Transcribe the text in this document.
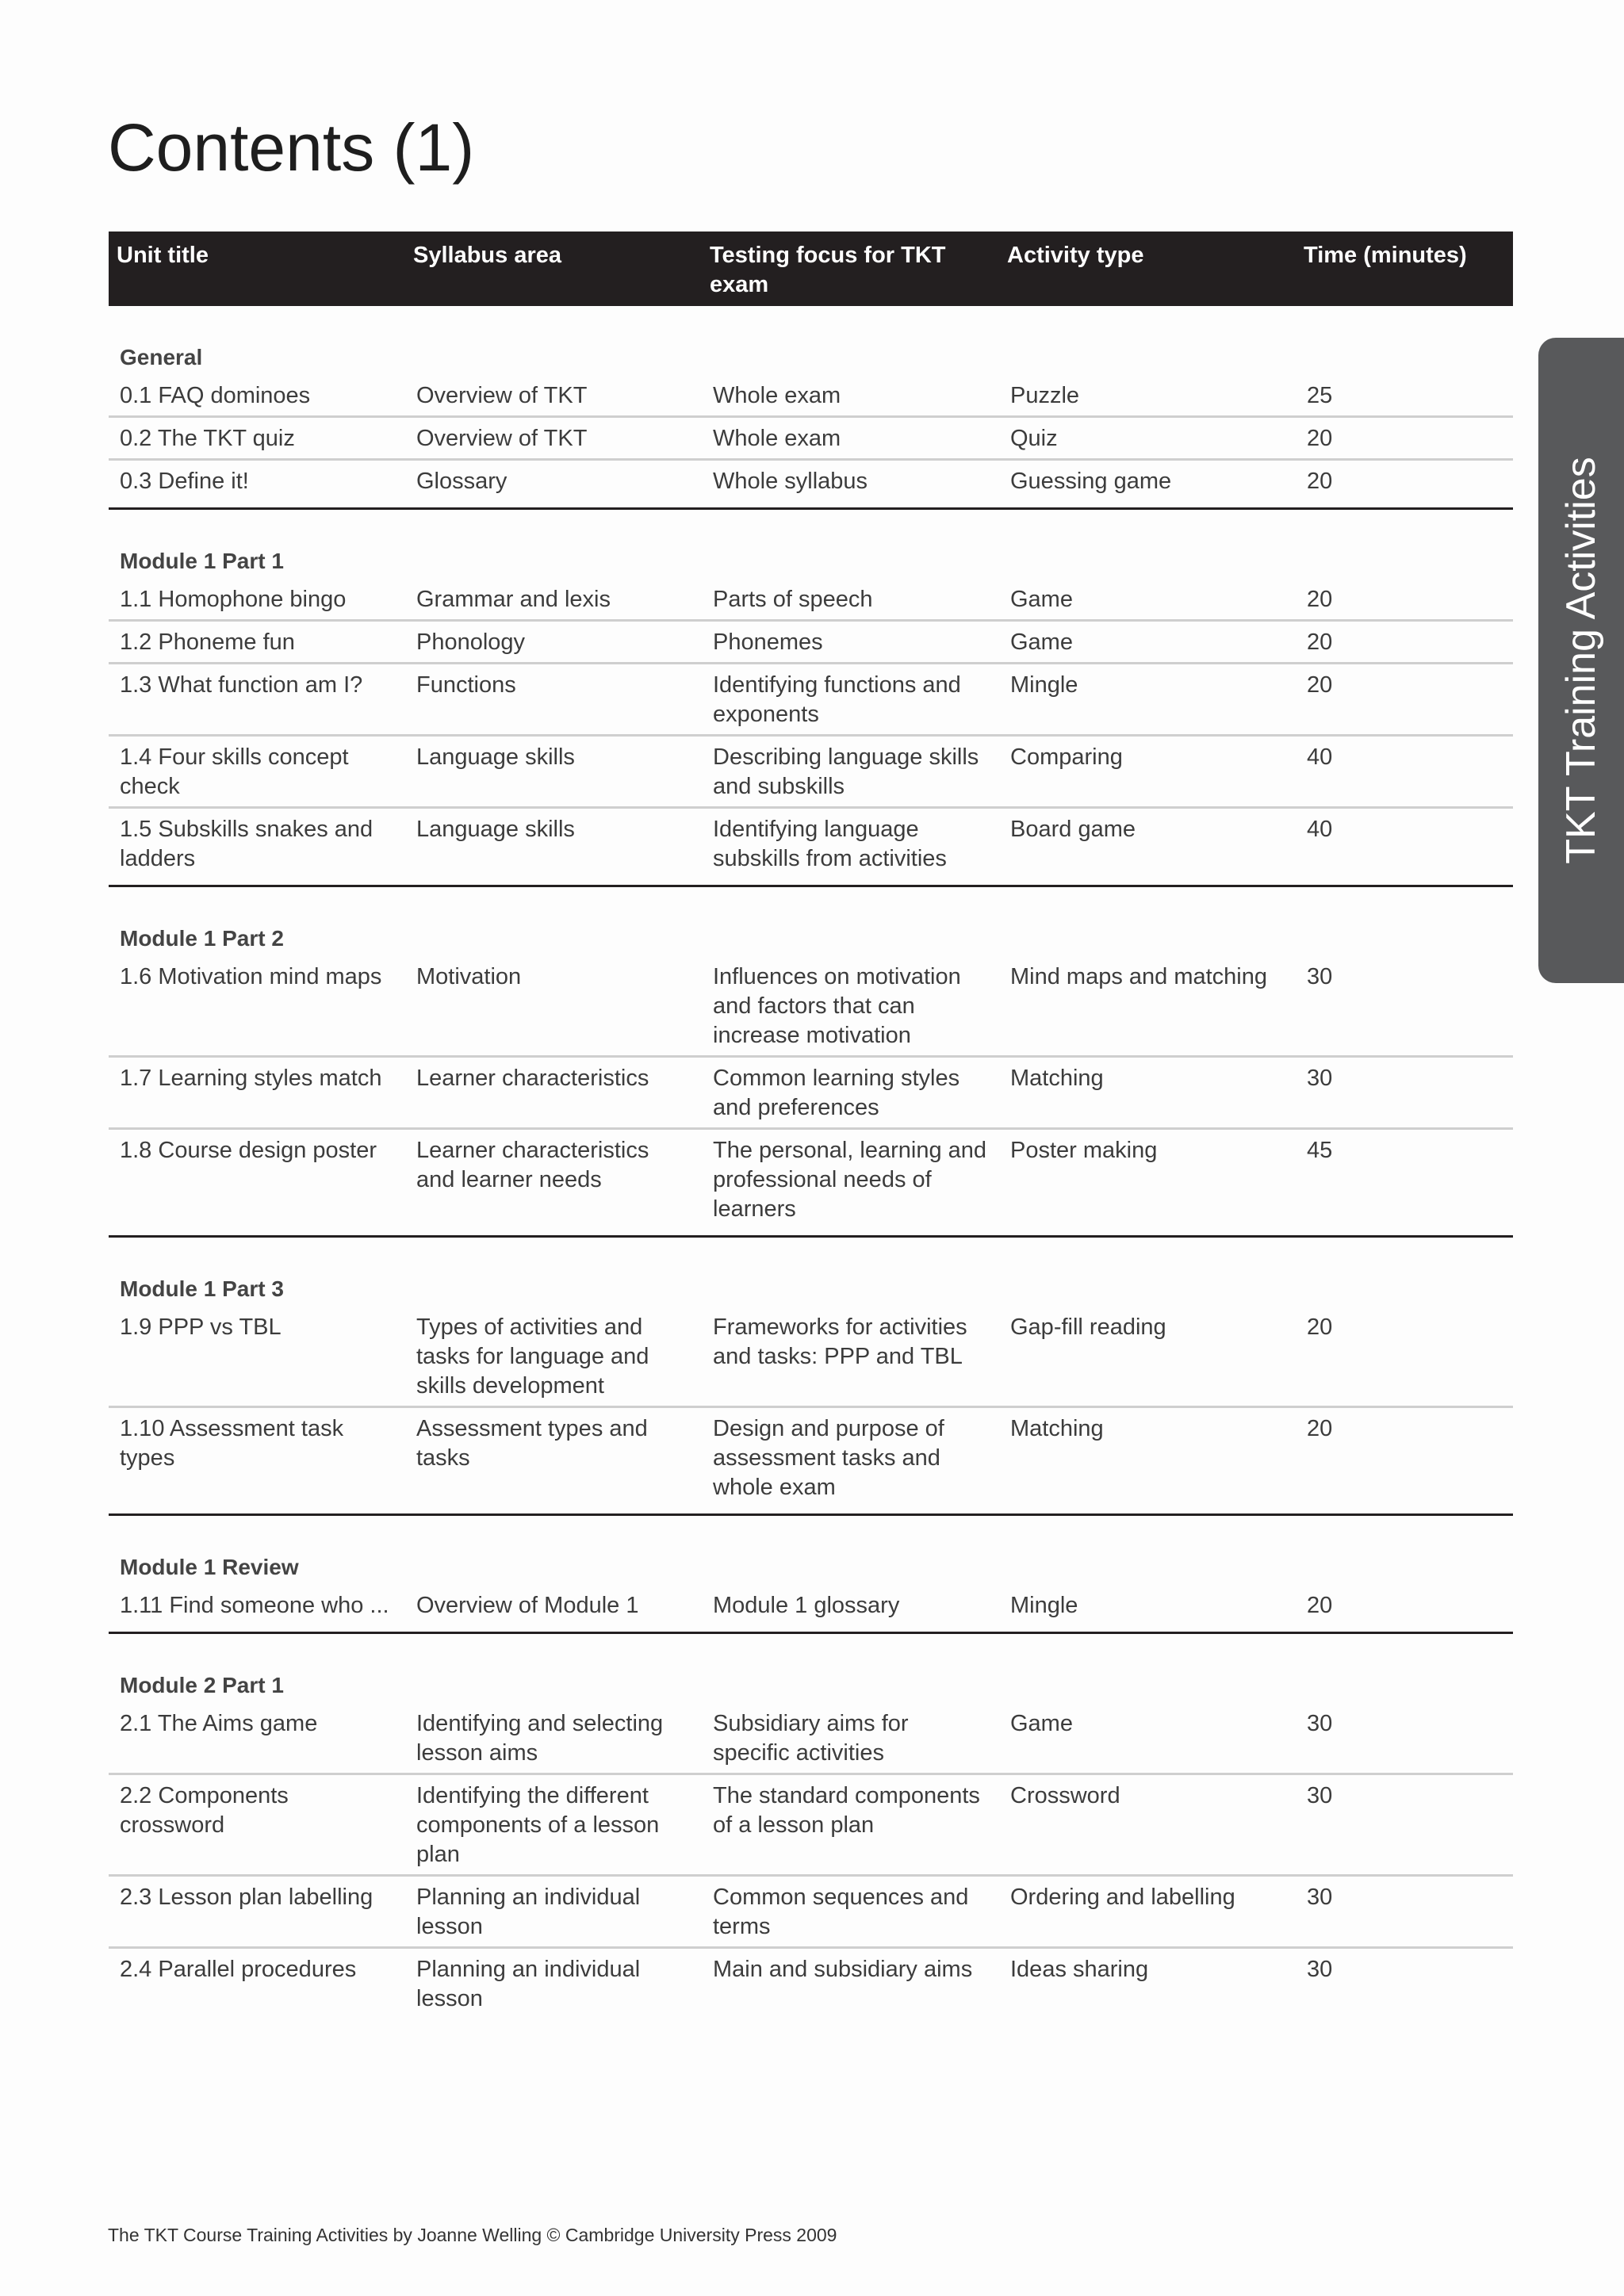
Contents (1)
Unit title	Syllabus area	Testing focus for TKT exam	Activity type	Time (minutes)
General				
0.1 FAQ dominoes	Overview of TKT	Whole exam	Puzzle	25
0.2 The TKT quiz	Overview of TKT	Whole exam	Quiz	20
0.3 Define it!	Glossary	Whole syllabus	Guessing game	20
Module 1 Part 1				
1.1 Homophone bingo	Grammar and lexis	Parts of speech	Game	20
1.2 Phoneme fun	Phonology	Phonemes	Game	20
1.3 What function am I?	Functions	Identifying functions and exponents	Mingle	20
1.4 Four skills concept check	Language skills	Describing language skills and subskills	Comparing	40
1.5 Subskills snakes and ladders	Language skills	Identifying language subskills from activities	Board game	40
Module 1 Part 2				
1.6 Motivation mind maps	Motivation	Influences on motivation and factors that can increase motivation	Mind maps and matching	30
1.7 Learning styles match	Learner characteristics	Common learning styles and preferences	Matching	30
1.8 Course design poster	Learner characteristics and learner needs	The personal, learning and professional needs of learners	Poster making	45
Module 1 Part 3				
1.9 PPP vs TBL	Types of activities and tasks for language and skills development	Frameworks for activities and tasks: PPP and TBL	Gap-fill reading	20
1.10 Assessment task types	Assessment types and tasks	Design and purpose of assessment tasks and whole exam	Matching	20
Module 1 Review				
1.11 Find someone who ...	Overview of Module 1	Module 1 glossary	Mingle	20
Module 2 Part 1				
2.1 The Aims game	Identifying and selecting lesson aims	Subsidiary aims for specific activities	Game	30
2.2 Components crossword	Identifying the different components of a lesson plan	The standard components of a lesson plan	Crossword	30
2.3 Lesson plan labelling	Planning an individual lesson	Common sequences and terms	Ordering and labelling	30
2.4 Parallel procedures	Planning an individual lesson	Main and subsidiary aims	Ideas sharing	30
TKT Training Activities
The TKT Course Training Activities by Joanne Welling © Cambridge University Press 2009
